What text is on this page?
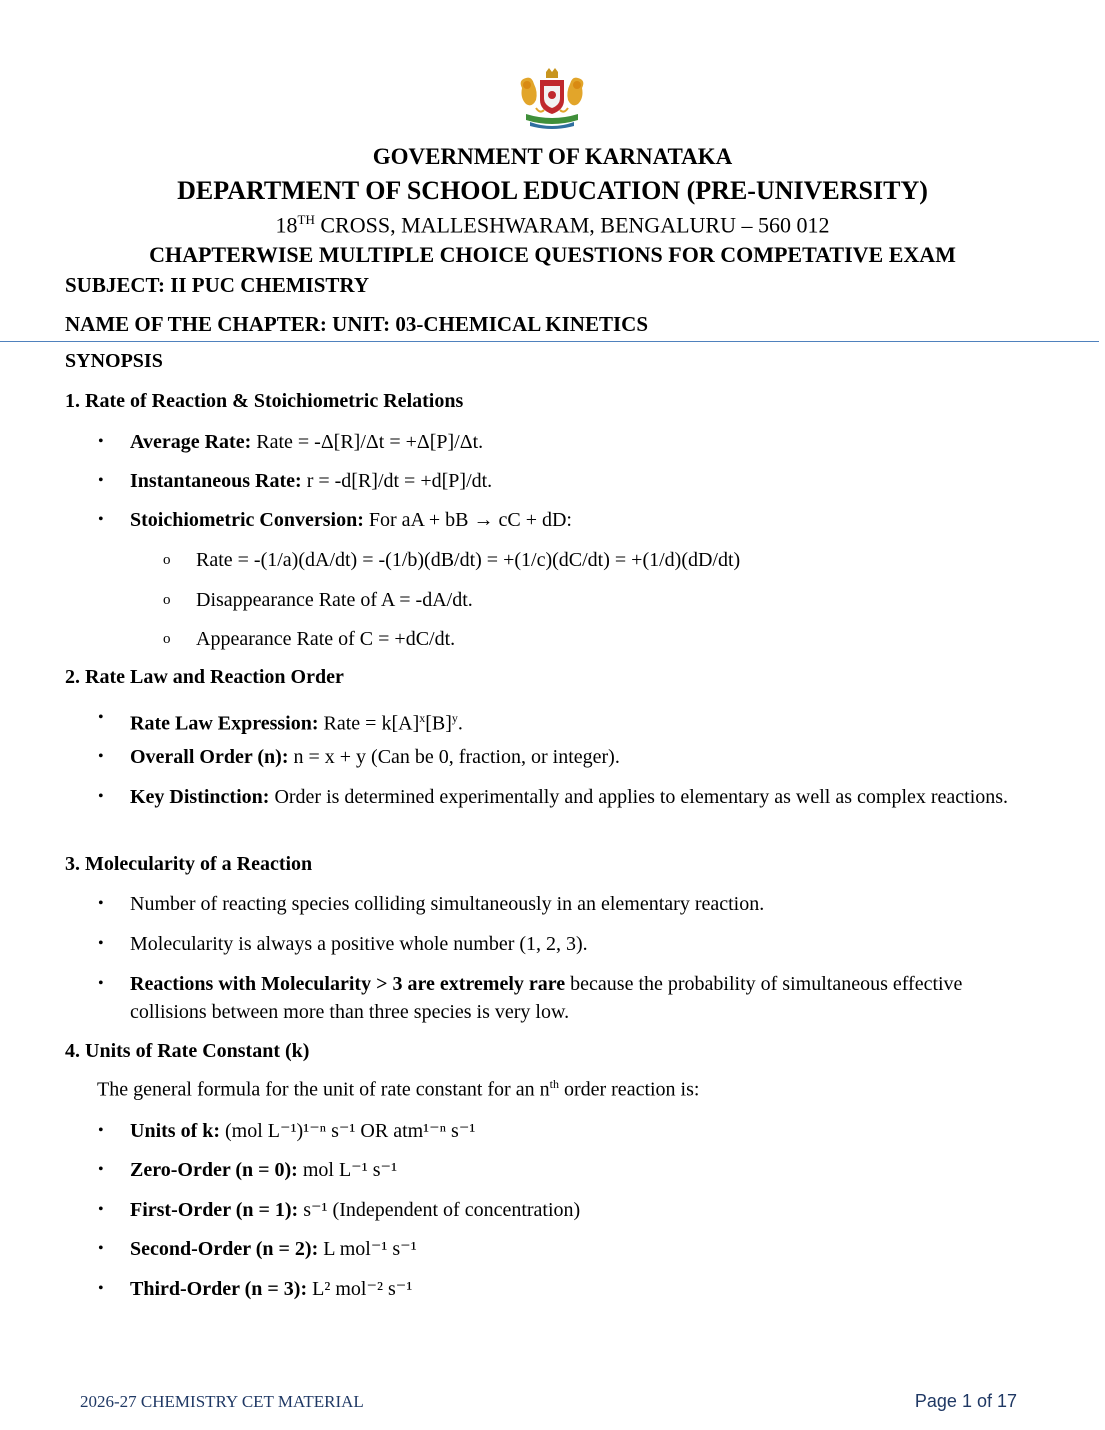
GOVERNMENT OF KARNATAKA
DEPARTMENT OF SCHOOL EDUCATION (PRE-UNIVERSITY)
18TH CROSS, MALLESHWARAM, BENGALURU – 560 012
CHAPTERWISE MULTIPLE CHOICE QUESTIONS FOR COMPETATIVE EXAM
SUBJECT: II PUC CHEMISTRY
NAME OF THE CHAPTER: UNIT: 03-CHEMICAL KINETICS
SYNOPSIS
1. Rate of Reaction & Stoichiometric Relations
• Average Rate: Rate = -Δ[R]/Δt = +Δ[P]/Δt.
• Instantaneous Rate: r = -d[R]/dt = +d[P]/dt.
• Stoichiometric Conversion: For aA + bB → cC + dD:
o Rate = -(1/a)(dA/dt) = -(1/b)(dB/dt) = +(1/c)(dC/dt) = +(1/d)(dD/dt)
o Disappearance Rate of A = -dA/dt.
o Appearance Rate of C = +dC/dt.
2. Rate Law and Reaction Order
• Rate Law Expression: Rate = $k[A]^x[B]^y$.
• Overall Order (n): n = x + y (Can be 0, fraction, or integer).
• Key Distinction: Order is determined experimentally and applies to elementary as well as complex reactions.
3. Molecularity of a Reaction
• Number of reacting species colliding simultaneously in an elementary reaction.
• Molecularity is always a positive whole number (1, 2, 3).
• Reactions with Molecularity > 3 are extremely rare because the probability of simultaneous effective collisions between more than three species is very low.
4. Units of Rate Constant (k)
The general formula for the unit of rate constant for an $n^{th}$ order reaction is:
• Units of k: (mol L⁻¹)¹⁻ⁿ s⁻¹ OR atm¹⁻ⁿ s⁻¹
• Zero-Order (n = 0): mol L⁻¹ s⁻¹
• First-Order (n = 1): s⁻¹ (Independent of concentration)
• Second-Order (n = 2): L mol⁻¹ s⁻¹
• Third-Order (n = 3): L² mol⁻² s⁻¹
2026-27 CHEMISTRY CET MATERIAL	Page 1 of 17
